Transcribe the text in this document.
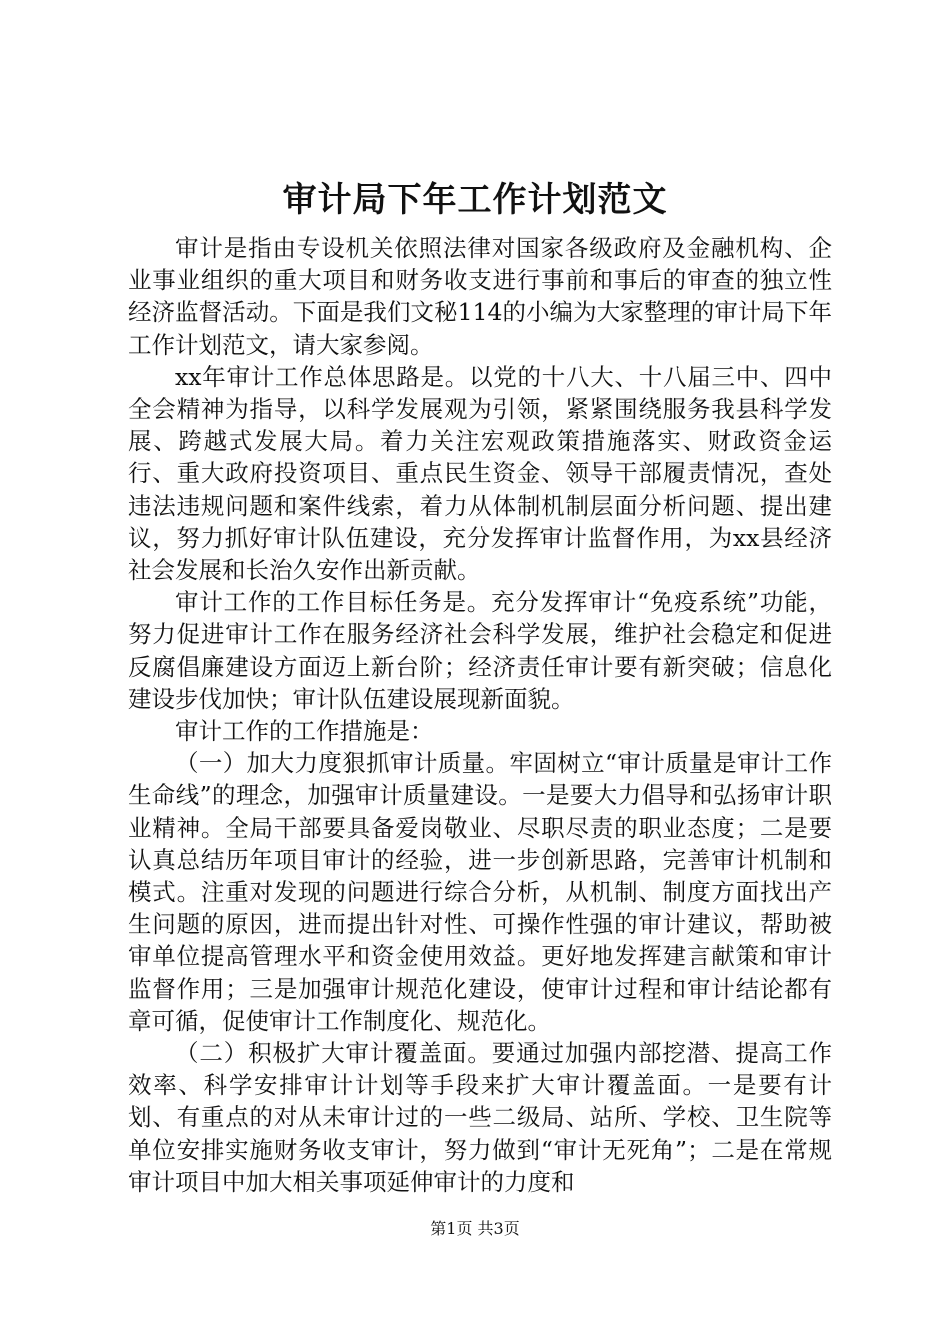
审计局下年工作计划范文

审计是指由专设机关依照法律对国家各级政府及金融机构、企业事业组织的重大项目和财务收支进行事前和事后的审查的独立性经济监督活动。下面是我们文秘114的小编为大家整理的审计局下年工作计划范文，请大家参阅。

xx年审计工作总体思路是。以党的十八大、十八届三中、四中全会精神为指导，以科学发展观为引领，紧紧围绕服务我县科学发展、跨越式发展大局。着力关注宏观政策措施落实、财政资金运行、重大政府投资项目、重点民生资金、领导干部履责情况，查处违法违规问题和案件线索，着力从体制机制层面分析问题、提出建议，努力抓好审计队伍建设，充分发挥审计监督作用，为xx县经济社会发展和长治久安作出新贡献。

审计工作的工作目标任务是。充分发挥审计“免疫系统”功能，努力促进审计工作在服务经济社会科学发展，维护社会稳定和促进反腐倡廉建设方面迈上新台阶；经济责任审计要有新突破；信息化建设步伐加快；审计队伍建设展现新面貌。

审计工作的工作措施是：

（一）加大力度狠抓审计质量。牢固树立“审计质量是审计工作生命线”的理念，加强审计质量建设。一是要大力倡导和弘扬审计职业精神。全局干部要具备爱岗敬业、尽职尽责的职业态度；二是要认真总结历年项目审计的经验，进一步创新思路，完善审计机制和模式。注重对发现的问题进行综合分析，从机制、制度方面找出产生问题的原因，进而提出针对性、可操作性强的审计建议，帮助被审单位提高管理水平和资金使用效益。更好地发挥建言献策和审计监督作用；三是加强审计规范化建设，使审计过程和审计结论都有章可循，促使审计工作制度化、规范化。

（二）积极扩大审计覆盖面。要通过加强内部挖潜、提高工作效率、科学安排审计计划等手段来扩大审计覆盖面。一是要有计划、有重点的对从未审计过的一些二级局、站所、学校、卫生院等单位安排实施财务收支审计，努力做到“审计无死角”；二是在常规审计项目中加大相关事项延伸审计的力度和

第1页 共3页
